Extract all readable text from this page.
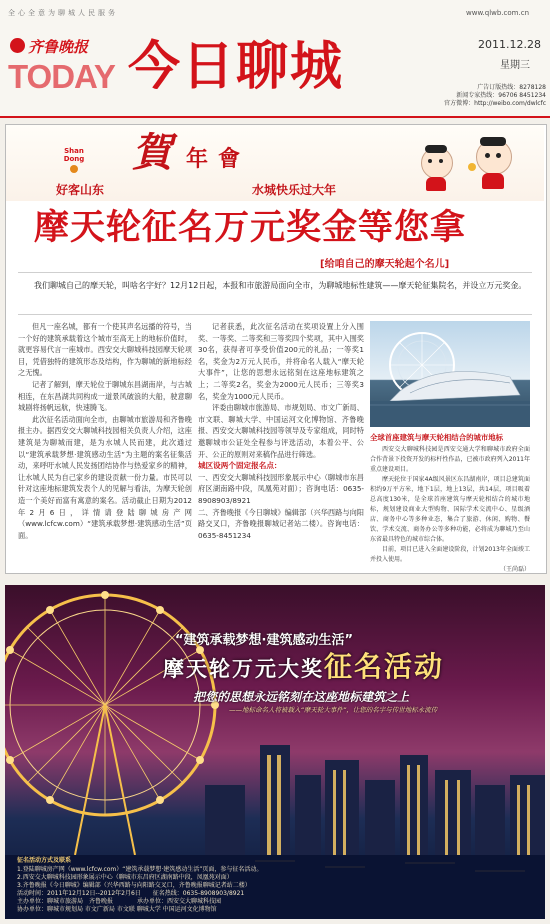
全心全意为聊城人民服务	www.qlwb.com.cn
齐鲁晚报
TODAY 今日聊城	2011.12.28
星期三
广告订版热线：8278128
新闻专家热线：96706 8451234
官方微博：http://weibo.com/dwlcfc
Shan Dong 賀 年 會
好客山东	水城快乐过大年
摩天轮征名万元奖金等您拿
[给咱自己的摩天轮起个名儿]
我们聊城自己的摩天轮，叫啥名字好？12月12日起，本报和市旅游局面向全市，为聊城地标性建筑——摩天轮征集院名，并设立万元奖金。
但凡一座名城，都有一个使其声名远播的符号，当一个好的建筑承载着这个城市至高无上的地标价值时，就更容易代言一座城市。西安交大聊城科技园摩天轮项目，凭借独特的建筑形态及结构，作为聊城的新地标经之无愧。
记者了解到，摩天轮位于聊城东昌湖南岸，与古城相连，在东昌湖共同构成一道景风破浪的大船，驶意聊城剧将扬帆远航，快速腾飞。
此次征名活动面向全市，由聊城市旅游局和齐鲁晚报主办。据西安交大聊城科技园相关负责人介绍，这座建筑是为聊城而建，是为水城人民而建，此次通过以“建筑承载梦想·建筑感动生活”为主题的案名征集活动，来呼吁水城人民发扬团结协作与热爱家乡的精神，让水城人民为自己家乡的建设贡献一份力量。市民可以针对这座地标建筑发表个人的见解与看法，为摩天轮创造一个美好而富有寓意的案名。活动截止日期为2012年2月6日，详情请登陆聊城房产网（www.lcfcw.com）“建筑承载梦想·建筑感动生活”页面。
记者获悉，此次征名活动在奖项设置上分入围奖、一等奖、二等奖和三等奖四个奖项，其中入围奖30名，获得者可享受价值200元的礼品；一等奖1名，奖金为2万元人民币，并将命名人载入“摩天轮大事件”，让您的思想永远铭刻在这座地标建筑之上；二等奖2名，奖金为2000元人民币；三等奖3名，奖金为1000元人民币。
评委由聊城市旅游局、市规划局、市文广新局、市文联、聊城大学、中国运河文化博物馆、齐鲁晚报、西安交大聊城科技园等领导及专家组成，同时特邀聊城市公证处全程参与评选活动，本着公平、公开、公正的原则对来稿作品进行筛选。
城区设两个固定报名点：
一、西安交大聊城科技园形象展示中心（聊城市东昌府区湖南路中段，凤凰苑对面）；咨询电话：0635-8908903/8921
二、齐鲁晚报《今日聊城》编辑部（兴华西路与向阳路交叉口，齐鲁晚报聊城记者站二楼）。咨询电话：0635-8451234
全球首座建筑与摩天轮相结合的城市地标
西安交大聊城科技园是西安交通大学和聊城市政府全面合作背景下投资开发的标杆性作品，已被市政府列入2011年重点建设项目。
摩天轮位于国家4A级风景区东昌湖南岸，项目总建筑面积约9万平方米，地下1层，地上13层，共14层，项目吸着总高度130米，是全球首座建筑与摩天轮相结合的城市地标，规划建设商业大型购物、国际学术交流中心、星级酒店、商务中心等多种业态，集合了旅游、休闲、购物、餐饮、学术交流、商务办公等多种功能，必将成为聊城乃至山东省最具特色的城市综合体。
目前，项目已进入全面建设阶段，计划2013年全面竣工并投入使用。
（王尚磊）
“建筑承载梦想·建筑感动生活”
摩天轮万元大奖征名活动
把您的思想永远铭刻在这座地标建筑之上
——地标命名人将被载入“摩天轮大事件”，让您的名字与传世地标永流传
征名活动方式及联系
1.登陆聊城房产网（www.lcfcw.com）“建筑承载梦想·建筑感动生活”页面，参与征名活动。
2.西安交大聊城科技园形象展示中心（聊城市东昌府区湖南路中段，凤凰苑对面）
3.齐鲁晚报《今日聊城》编辑部（兴华西路与向阳路交叉口，齐鲁晚报聊城记者站二楼）
活动时间：2011年12月12日--2012年2月6日　　征名热线：0635-8908903/8921
主办单位：聊城市旅游局　齐鲁晚报　　　　承办单位：西安交大聊城科技园
协办单位：聊城市规划局 市文广新局 市文联 聊城大学 中国运河文化博物馆
